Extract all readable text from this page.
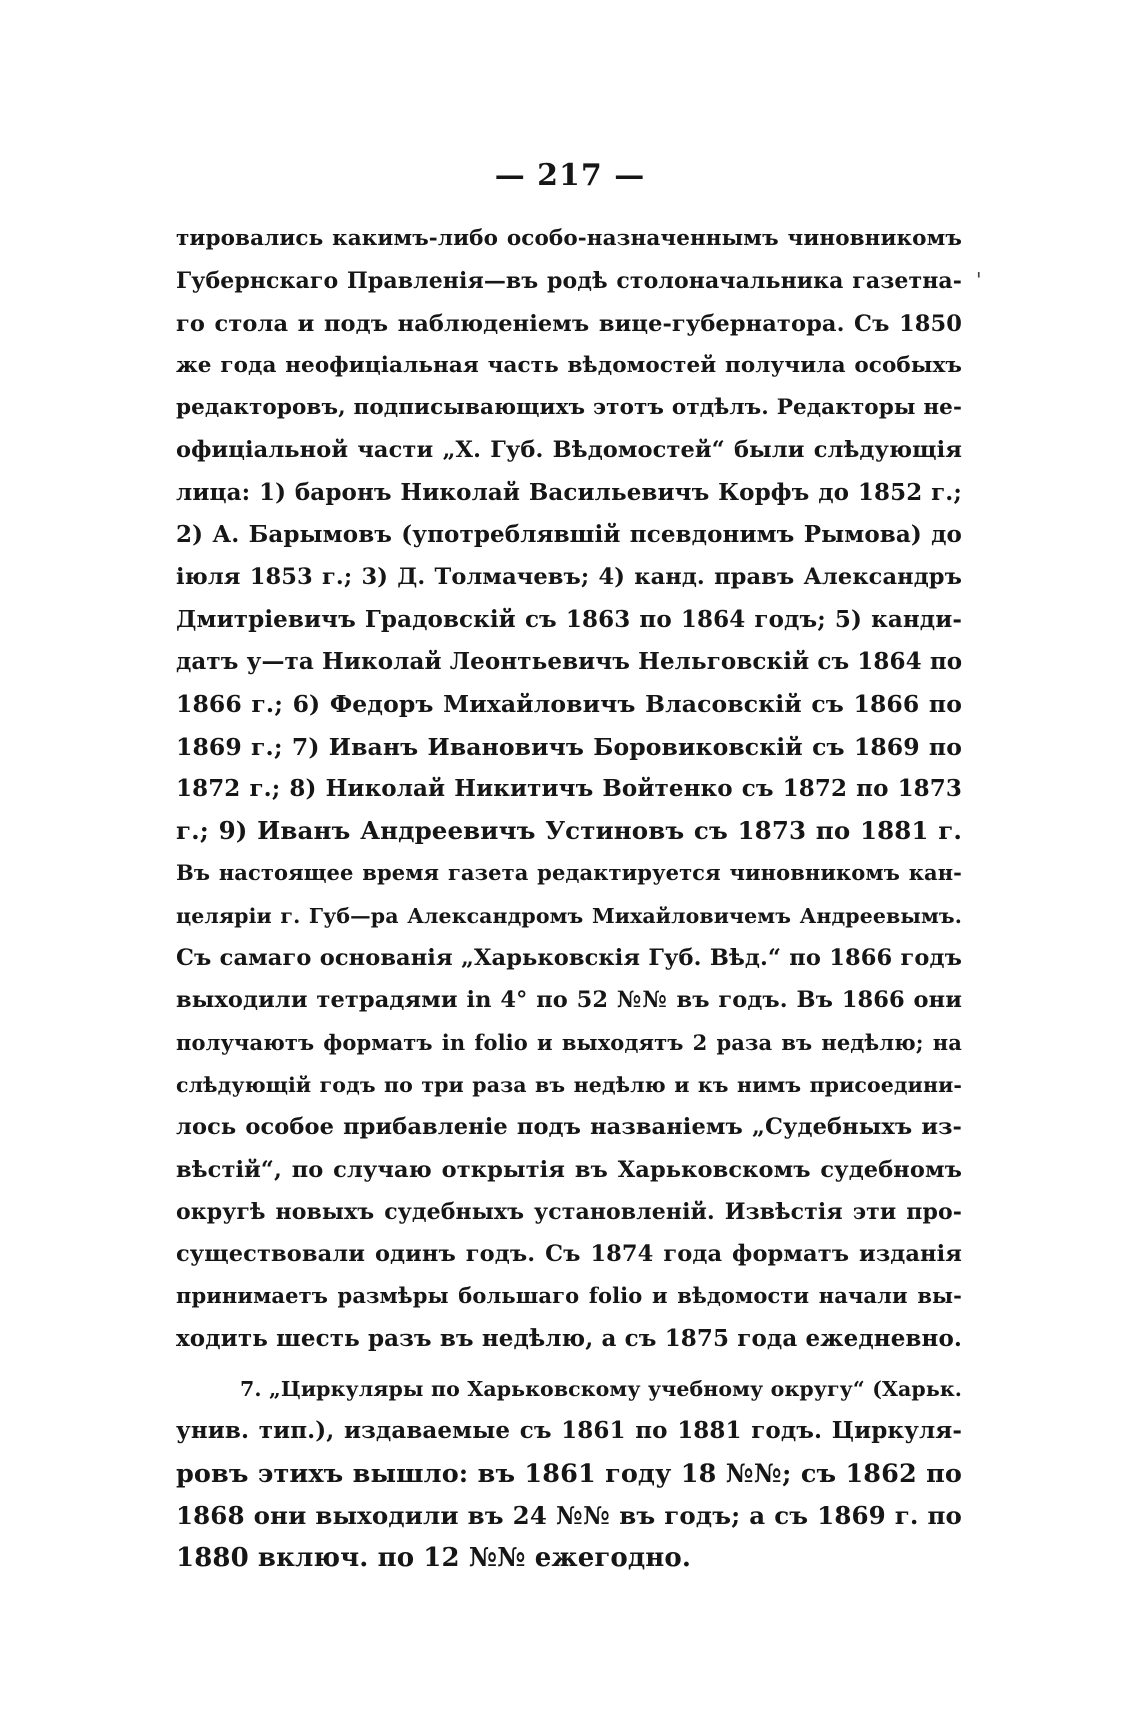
— 217 —
'
тировались какимъ-либо особо-назначеннымъ чиновникомъ
Губернскаго Правленія—въ родѣ столоначальника газетна-
го стола и подъ наблюденіемъ вице-губернатора. Съ 1850
же года неофиціальная часть вѣдомостей получила особыхъ
редакторовъ, подписывающихъ этотъ отдѣлъ. Редакторы не-
офиціальной части „Х. Губ. Вѣдомостей“ были слѣдующія
лица: 1) баронъ Николай Васильевичъ Корфъ до 1852 г.;
2) А. Барымовъ (употреблявшій псевдонимъ Рымова) до
іюля 1853 г.; 3) Д. Толмачевъ; 4) канд. правъ Александръ
Дмитріевичъ Градовскій съ 1863 по 1864 годъ; 5) канди-
датъ у—та Николай Леонтьевичъ Нельговскій съ 1864 по
1866 г.; 6) Федоръ Михайловичъ Власовскій съ 1866 по
1869 г.; 7) Иванъ Ивановичъ Боровиковскій съ 1869 по
1872 г.; 8) Николай Никитичъ Войтенко съ 1872 по 1873
г.; 9) Иванъ Андреевичъ Устиновъ съ 1873 по 1881 г.
Въ настоящее время газета редактируется чиновникомъ кан-
целяріи г. Губ—ра Александромъ Михайловичемъ Андреевымъ.
Съ самаго основанія „Харьковскія Губ. Вѣд.“ по 1866 годъ
выходили тетрадями in 4° по 52 №№ въ годъ. Въ 1866 они
получаютъ форматъ in folio и выходятъ 2 раза въ недѣлю; на
слѣдующій годъ по три раза въ недѣлю и къ нимъ присоедини-
лось особое прибавленіе подъ названіемъ „Судебныхъ из-
вѣстій“, по случаю открытія въ Харьковскомъ судебномъ
округѣ новыхъ судебныхъ установленій. Извѣстія эти про-
существовали одинъ годъ. Съ 1874 года форматъ изданія
принимаетъ размѣры большаго folio и вѣдомости начали вы-
ходить шесть разъ въ недѣлю, а съ 1875 года ежедневно.
7. „Циркуляры по Харьковскому учебному округу“ (Харьк.
унив. тип.), издаваемые съ 1861 по 1881 годъ. Циркуля-
ровъ этихъ вышло: въ 1861 году 18 №№; съ 1862 по
1868 они выходили въ 24 №№ въ годъ; а съ 1869 г. по
1880 включ. по 12 №№ ежегодно.
